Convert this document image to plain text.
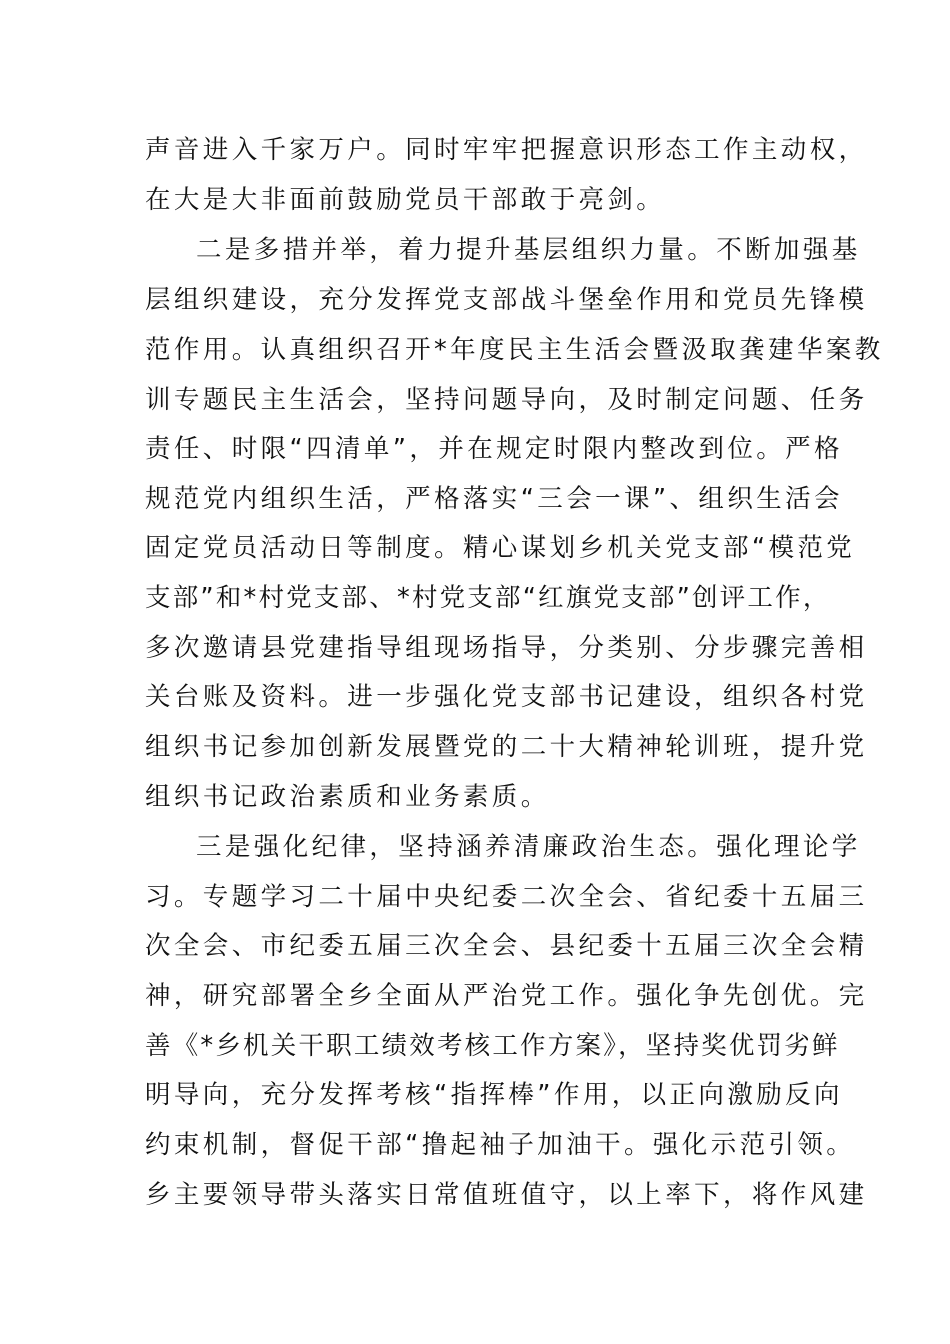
声音进入千家万户。同时牢牢把握意识形态工作主动权，
在大是大非面前鼓励党员干部敢于亮剑。
二是多措并举，着力提升基层组织力量。不断加强基
层组织建设，充分发挥党支部战斗堡垒作用和党员先锋模
范作用。认真组织召开*年度民主生活会暨汲取龚建华案教
训专题民主生活会，坚持问题导向，及时制定问题、任务
责任、时限“四清单”，并在规定时限内整改到位。严格
规范党内组织生活，严格落实“三会一课”、组织生活会
固定党员活动日等制度。精心谋划乡机关党支部“模范党
支部”和*村党支部、*村党支部“红旗党支部”创评工作，
多次邀请县党建指导组现场指导，分类别、分步骤完善相
关台账及资料。进一步强化党支部书记建设，组织各村党
组织书记参加创新发展暨党的二十大精神轮训班，提升党
组织书记政治素质和业务素质。
三是强化纪律，坚持涵养清廉政治生态。强化理论学
习。专题学习二十届中央纪委二次全会、省纪委十五届三
次全会、市纪委五届三次全会、县纪委十五届三次全会精
神，研究部署全乡全面从严治党工作。强化争先创优。完
善《*乡机关干职工绩效考核工作方案》，坚持奖优罚劣鲜
明导向，充分发挥考核“指挥棒”作用，以正向激励反向
约束机制，督促干部“撸起袖子加油干。强化示范引领。
乡主要领导带头落实日常值班值守，以上率下，将作风建
